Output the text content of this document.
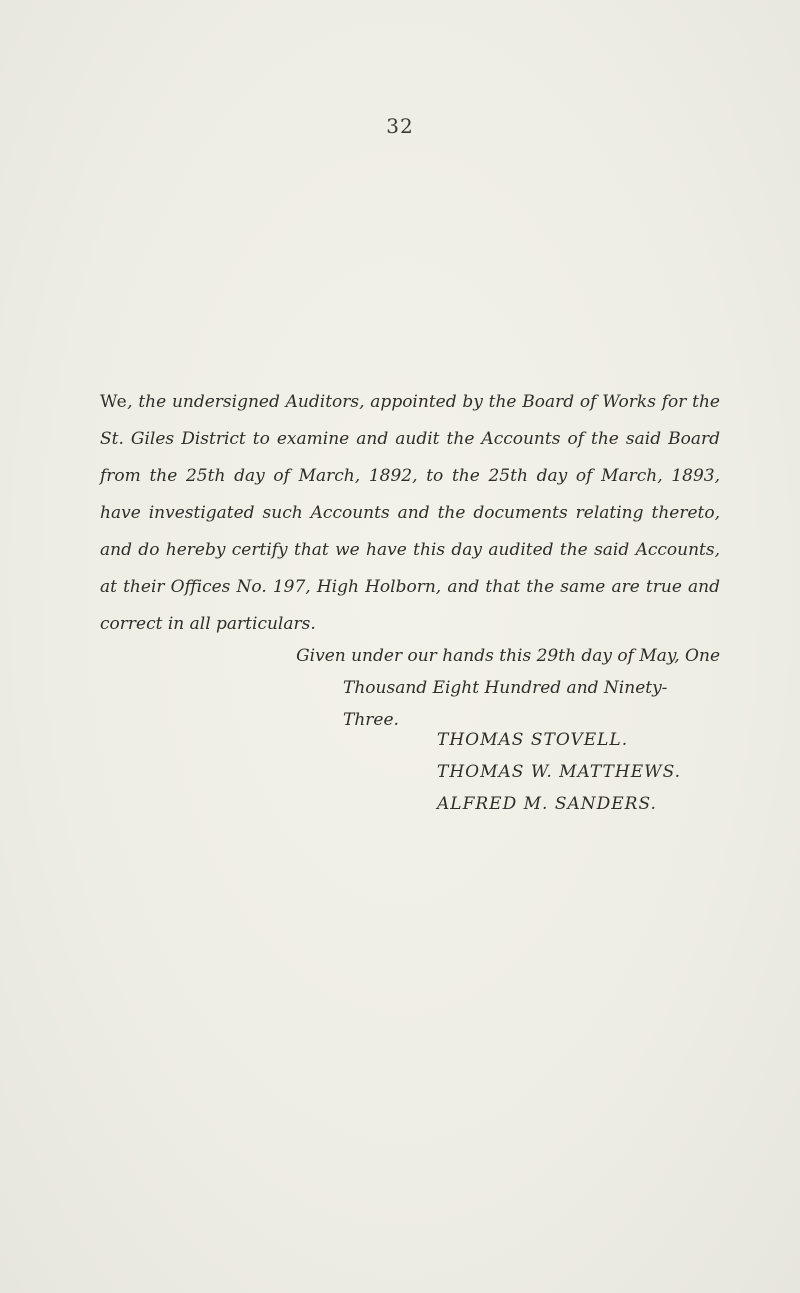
32
We, the undersigned Auditors, appointed by the Board of Works for the St. Giles District to examine and audit the Accounts of the said Board from the 25th day of March, 1892, to the 25th day of March, 1893, have investigated such Accounts and the documents relating thereto, and do hereby certify that we have this day audited the said Accounts, at their Offices No. 197, High Holborn, and that the same are true and correct in all particulars.
Given under our hands this 29th day of May, One
Thousand Eight Hundred and Ninety-Three.
THOMAS STOVELL.
THOMAS W. MATTHEWS.
ALFRED M. SANDERS.
